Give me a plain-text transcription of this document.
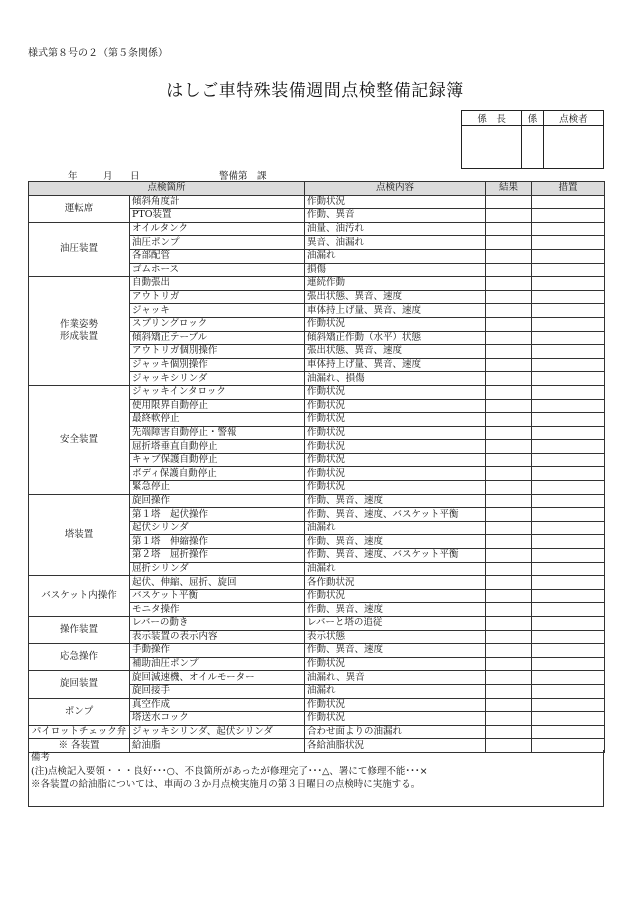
様式第８号の２（第５条関係）
はしご車特殊装備週間点検整備記録簿
係　長	係	点検者

年	月 日	警備第　課
点検箇所		点検内容	結果	措置
運転席	傾斜角度計	作動状況		
	PTO装置	作動、異音		
油圧装置	オイルタンク	油量、油汚れ		
	油圧ポンプ	異音、油漏れ		
	各部配管	油漏れ		
	ゴムホース	損傷		
作業姿勢
形成装置	自動張出	連続作動		
	アウトリガ	張出状態、異音、速度		
	ジャッキ	車体持上げ量、異音、速度		
	スプリングロック	作動状況		
	傾斜矯正テーブル	傾斜矯正作動（水平）状態		
	アウトリガ個別操作	張出状態、異音、速度		
	ジャッキ個別操作	車体持上げ量、異音、速度		
	ジャッキシリンダ	油漏れ、損傷		
安全装置	ジャッキインタロック	作動状況		
	使用限界自動停止	作動状況		
	最終軟停止	作動状況		
	先端障害自動停止・警報	作動状況		
	屈折塔垂直自動停止	作動状況		
	キャブ保護自動停止	作動状況		
	ボディ保護自動停止	作動状況		
	緊急停止	作動状況		
塔装置	旋回操作	作動、異音、速度		
	第１塔　起伏操作	作動、異音、速度、バスケット平衡		
	起伏シリンダ	油漏れ		
	第１塔　伸縮操作	作動、異音、速度		
	第２塔　屈折操作	作動、異音、速度、バスケット平衡		
	屈折シリンダ	油漏れ		
バスケット内操作	起伏、伸縮、屈折、旋回	各作動状況		
	バスケット平衡	作動状況		
	モニタ操作	作動、異音、速度		
操作装置	レバーの動き	レバーと塔の追従		
	表示装置の表示内容	表示状態		
応急操作	手動操作	作動、異音、速度		
	補助油圧ポンプ	作動状況		
旋回装置	旋回減速機、オイルモーター	油漏れ、異音		
	旋回接手	油漏れ		
ポンプ	真空作成	作動状況		
	塔送水コック	作動状況		
パイロットチェック弁	ジャッキシリンダ、起伏シリンダ	合わせ面よりの油漏れ		
※ 各装置	給油脂	各給油脂状況		
備考
(注)点検記入要領・・・良好･･･○、不良箇所があったが修理完了･･･△、署にて修理不能･･･×
※各装置の給油脂については、車両の３か月点検実施月の第３日曜日の点検時に実施する。
